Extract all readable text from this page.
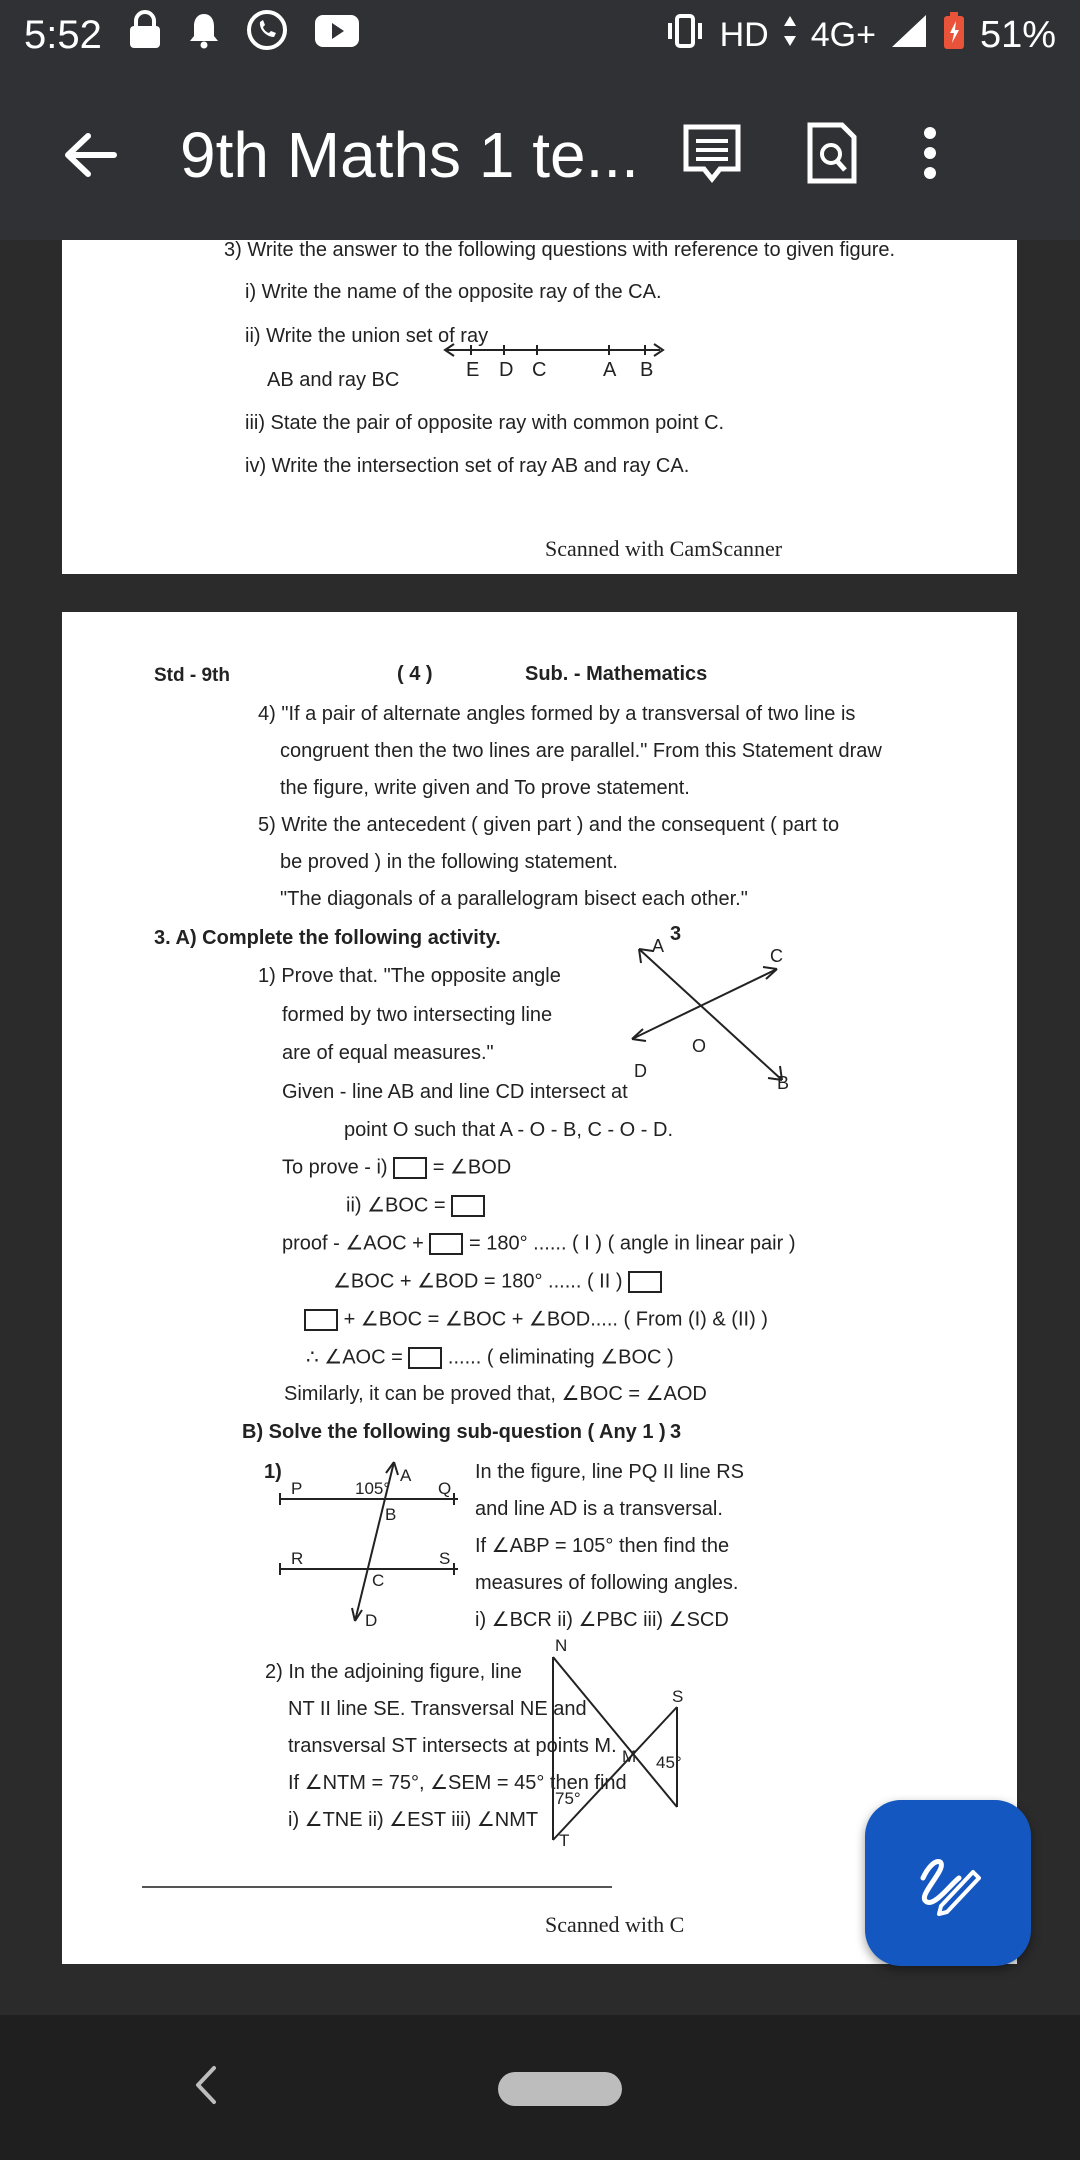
5:52	HD 4G+	51%
9th Maths 1 te...
3) Write the answer to the following questions with reference to given figure.
i) Write the name of the opposite ray of the CA.
ii) Write the union set of ray
AB and ray BC
iii) State the pair of opposite ray with common point C.
iv) Write the intersection set of ray AB and ray CA.
E D C	A B
Scanned with CamScanner
Std - 9th	( 4 )	Sub. - Mathematics
4) "If a pair of alternate angles formed by a transversal of two line is
congruent then the two lines are parallel." From this Statement draw
the figure, write given and To prove statement.
5) Write the antecedent ( given part ) and the consequent ( part to
be proved ) in the following statement.
"The diagonals of a parallelogram bisect each other."
3. A) Complete the following activity.	3
1) Prove that. "The opposite angle
formed by two intersecting line
are of equal measures."
Given - line AB and line CD intersect at
point O such that A - O - B, C - O - D.
A	C
O
D
B
To prove - i) = ∠BOD
ii) ∠BOC =
proof - ∠AOC + = 180° ...... ( I ) ( angle in linear pair )
∠BOC + ∠BOD = 180° ...... ( II )
+ ∠BOC = ∠BOC + ∠BOD..... ( From (I) & (II) )
∴ ∠AOC = ...... ( eliminating ∠BOC )
Similarly, it can be proved that, ∠BOC = ∠AOD
B) Solve the following sub-question ( Any 1 ) 3
1)
P	Q
A
B
R	S
C
D
105°
In the figure, line PQ II line RS
and line AD is a transversal.
If ∠ABP = 105° then find the
measures of following angles.
i) ∠BCR ii) ∠PBC iii) ∠SCD
2) In the adjoining figure, line
NT II line SE. Transversal NE and
transversal ST intersects at points M.
If ∠NTM = 75°, ∠SEM = 45° then find
i) ∠TNE ii) ∠EST iii) ∠NMT
N
S
M
T
75°
45°
Scanned with C
